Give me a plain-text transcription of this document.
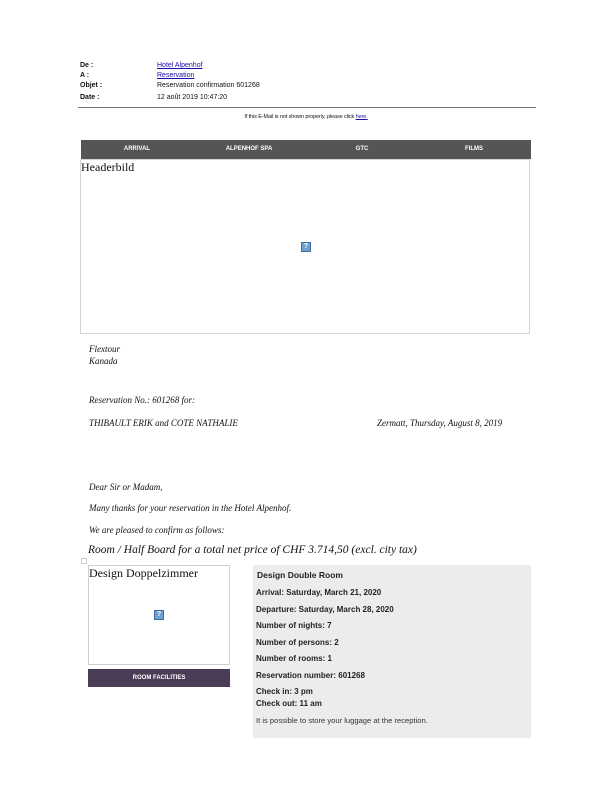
De :	Hotel Alpenhof
A :	Reservation
Objet :	Reservation confirmation 601268
Date :	12 août 2019 10:47:20
If this E-Mail is not shown properly, please click here.
ARRIVAL	ALPENHOF SPA	GTC	FILMS
Headerbild
?
Flextour
Kanada
Reservation No.: 601268 for:
THIBAULT ERIK and COTE NATHALIE	Zermatt, Thursday, August 8, 2019
Dear Sir or Madam,
Many thanks for your reservation in the Hotel Alpenhof.
We are pleased to confirm as follows:
Room / Half Board for a total net price of CHF 3.714,50 (excl. city tax)
Design Doppelzimmer
?
ROOM FACILITIES
Design Double Room
Arrival: Saturday, March 21, 2020
Departure: Saturday, March 28, 2020
Number of nights: 7
Number of persons: 2
Number of rooms: 1
Reservation number: 601268
Check in: 3 pm
Check out: 11 am
It is possible to store your luggage at the reception.
